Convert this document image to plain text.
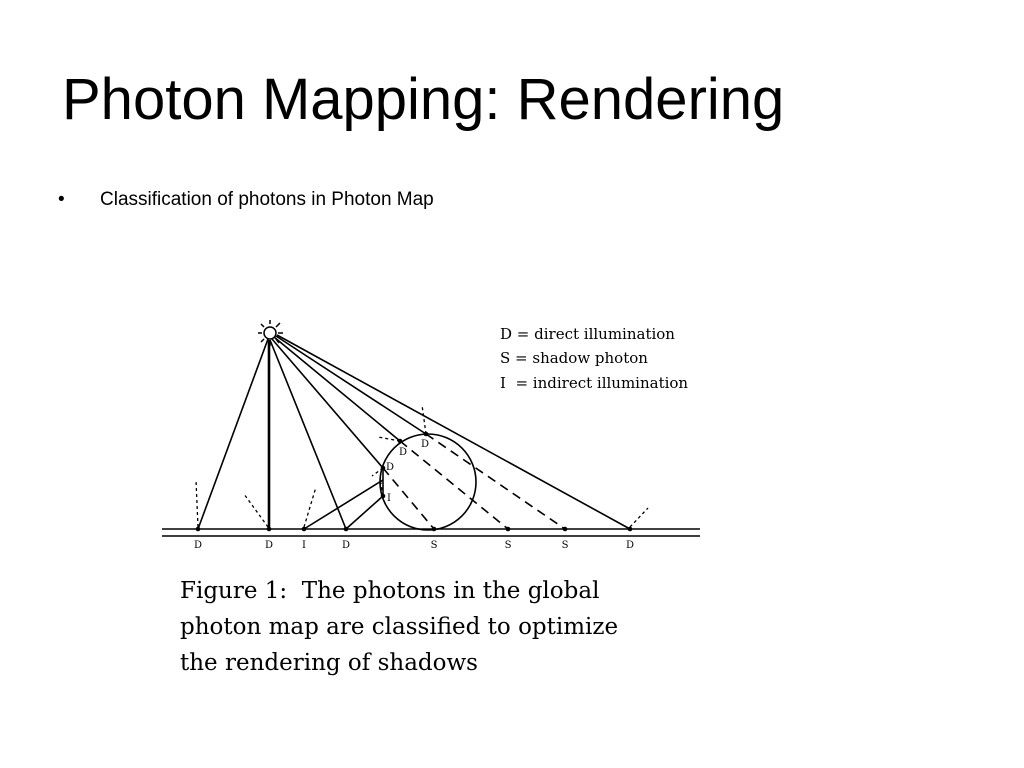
Photon Mapping: Rendering
• Classification of photons in Photon Map
D	D	I	D	S	S	S	D
D
D
D
I
D = direct illumination
S = shadow photon
I  = indirect illumination
Figure 1:  The photons in the global
photon map are classified to optimize
the rendering of shadows
